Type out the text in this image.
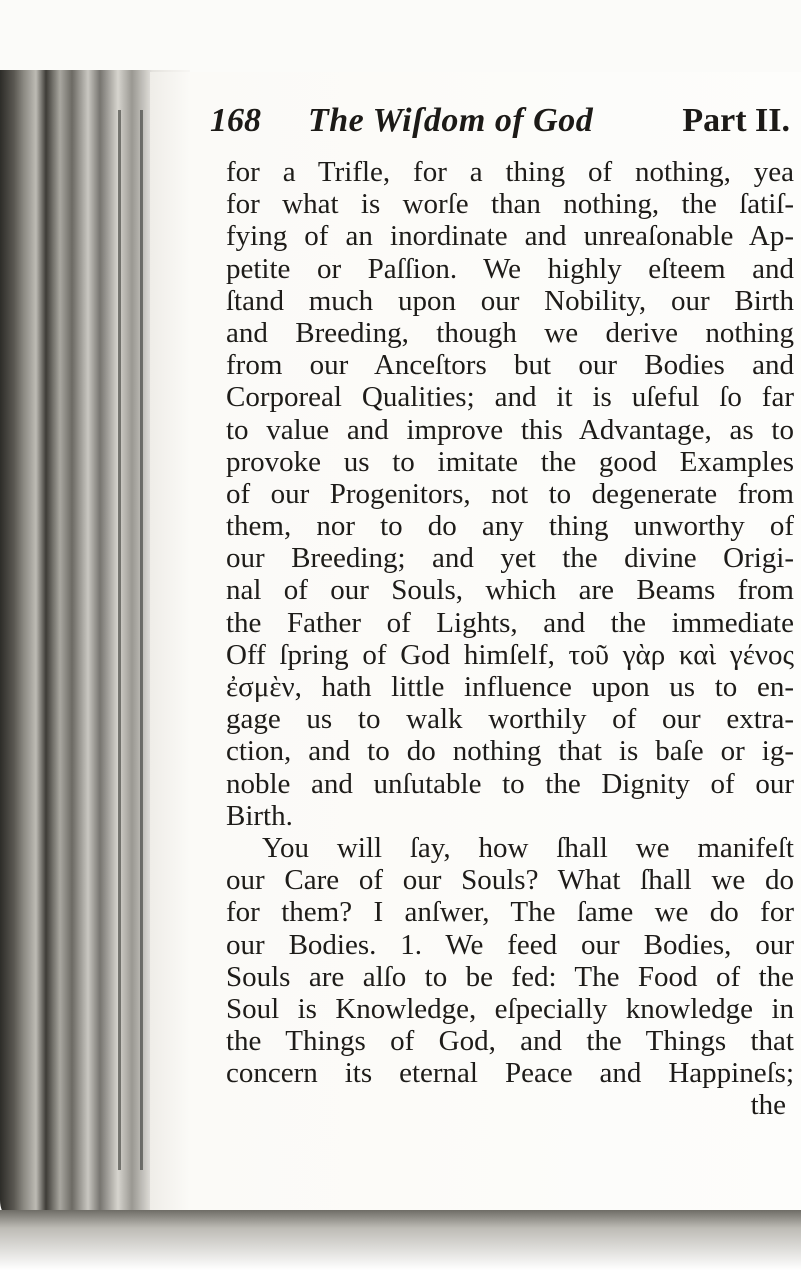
168 The Wiſdom of God	Part II.
for a Trifle, for a thing of nothing, yea
for what is worſe than nothing, the ſatiſ-
fying of an inordinate and unreaſonable Ap-
petite or Paſſion. We highly eſteem and
ſtand much upon our Nobility, our Birth
and Breeding, though we derive nothing
from our Anceſtors but our Bodies and
Corporeal Qualities; and it is uſeful ſo far
to value and improve this Advantage, as to
provoke us to imitate the good Examples
of our Progenitors, not to degenerate from
them, nor to do any thing unworthy of
our Breeding; and yet the divine Origi-
nal of our Souls, which are Beams from
the Father of Lights, and the immediate
Off ſpring of God himſelf, τοῦ γὰρ καὶ γένος
ἐσμὲν, hath little influence upon us to en-
gage us to walk worthily of our extra-
ction, and to do nothing that is baſe or ig-
noble and unſutable to the Dignity of our
Birth.
You will ſay, how ſhall we manifeſt
our Care of our Souls? What ſhall we do
for them? I anſwer, The ſame we do for
our Bodies. 1. We feed our Bodies, our
Souls are alſo to be fed: The Food of the
Soul is Knowledge, eſpecially knowledge in
the Things of God, and the Things that
concern its eternal Peace and Happineſs;
the
